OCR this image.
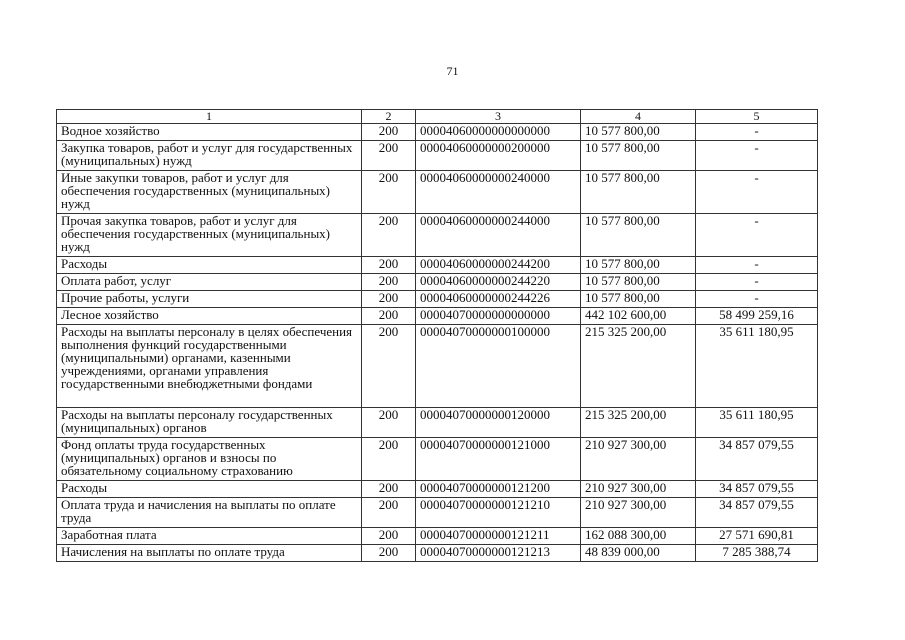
71
1	2	3	4	5
Водное хозяйство	200	00004060000000000000	10 577 800,00	-
Закупка товаров, работ и услуг для государственных (муниципальных) нужд	200	00004060000000200000	10 577 800,00	-
Иные закупки товаров, работ и услуг для обеспечения государственных (муниципальных) нужд	200	00004060000000240000	10 577 800,00	-
Прочая закупка товаров, работ и услуг для обеспечения государственных (муниципальных) нужд	200	00004060000000244000	10 577 800,00	-
Расходы	200	00004060000000244200	10 577 800,00	-
Оплата работ, услуг	200	00004060000000244220	10 577 800,00	-
Прочие работы, услуги	200	00004060000000244226	10 577 800,00	-
Лесное хозяйство	200	00004070000000000000	442 102 600,00	58 499 259,16
Расходы на выплаты персоналу в целях обеспечения выполнения функций государственными (муниципальными) органами, казенными учреждениями, органами управления государственными внебюджетными фондами	200	00004070000000100000	215 325 200,00	35 611 180,95
Расходы на выплаты персоналу государственных (муниципальных) органов	200	00004070000000120000	215 325 200,00	35 611 180,95
Фонд оплаты труда государственных (муниципальных) органов и взносы по обязательному социальному страхованию	200	00004070000000121000	210 927 300,00	34 857 079,55
Расходы	200	00004070000000121200	210 927 300,00	34 857 079,55
Оплата труда и начисления на выплаты по оплате труда	200	00004070000000121210	210 927 300,00	34 857 079,55
Заработная плата	200	00004070000000121211	162 088 300,00	27 571 690,81
Начисления на выплаты по оплате труда	200	00004070000000121213	48 839 000,00	7 285 388,74
